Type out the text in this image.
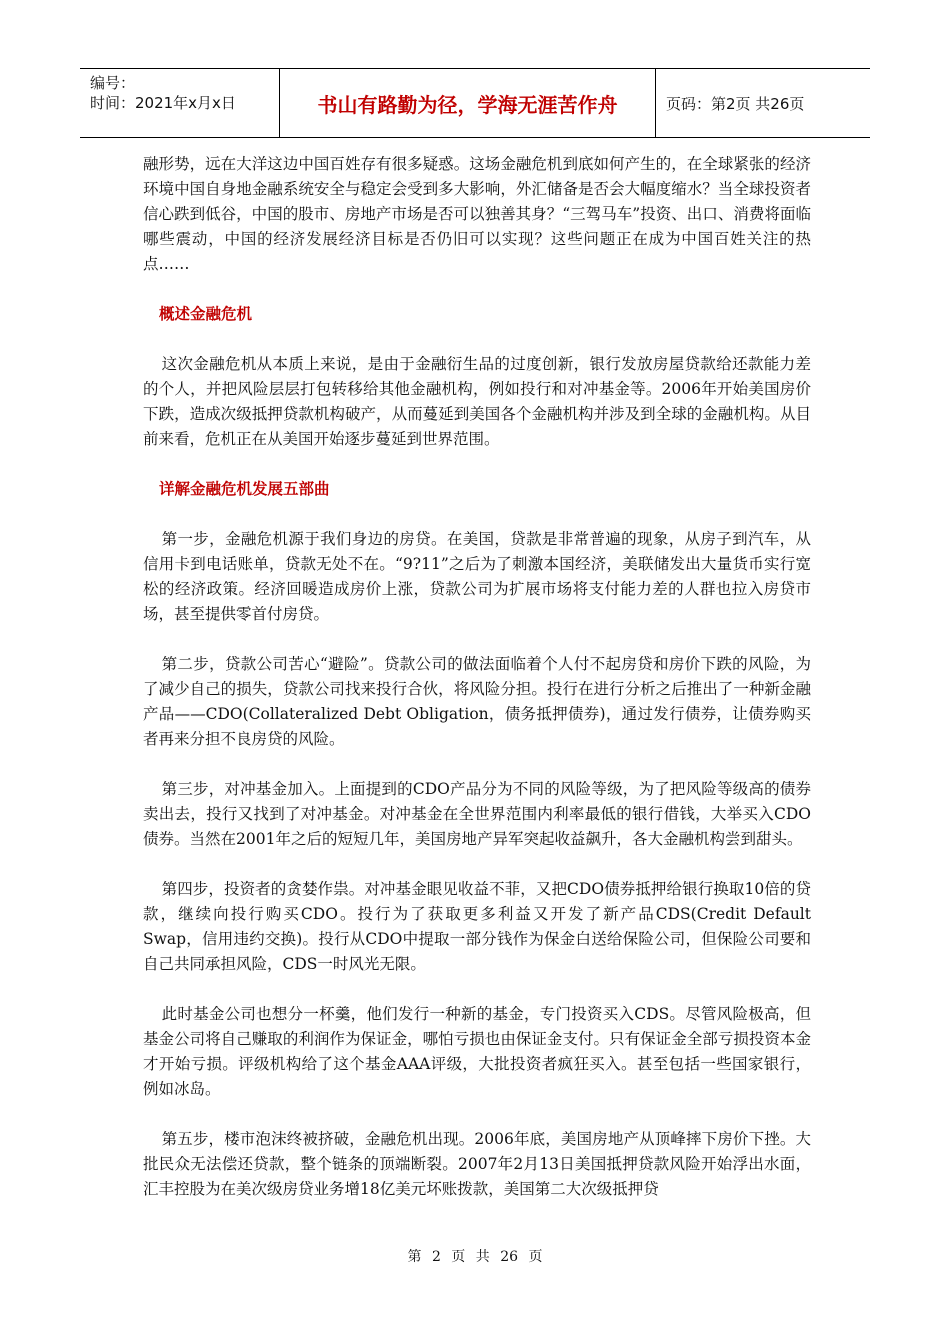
编号：
时间：2021年x月x日	书山有路勤为径，学海无涯苦作舟	页码：第2页 共26页

融形势，远在大洋这边中国百姓存有很多疑惑。这场金融危机到底如何产生的，在全球紧张的经济环境中国自身地金融系统安全与稳定会受到多大影响，外汇储备是否会大幅度缩水？当全球投资者信心跌到低谷，中国的股市、房地产市场是否可以独善其身？“三驾马车”投资、出口、消费将面临哪些震动，中国的经济发展经济目标是否仍旧可以实现？这些问题正在成为中国百姓关注的热点……

概述金融危机

这次金融危机从本质上来说，是由于金融衍生品的过度创新，银行发放房屋贷款给还款能力差的个人，并把风险层层打包转移给其他金融机构，例如投行和对冲基金等。2006年开始美国房价下跌，造成次级抵押贷款机构破产，从而蔓延到美国各个金融机构并涉及到全球的金融机构。从目前来看，危机正在从美国开始逐步蔓延到世界范围。

详解金融危机发展五部曲

第一步，金融危机源于我们身边的房贷。在美国，贷款是非常普遍的现象，从房子到汽车，从信用卡到电话账单，贷款无处不在。“9?11”之后为了刺激本国经济，美联储发出大量货币实行宽松的经济政策。经济回暖造成房价上涨，贷款公司为扩展市场将支付能力差的人群也拉入房贷市场，甚至提供零首付房贷。

第二步，贷款公司苦心“避险”。贷款公司的做法面临着个人付不起房贷和房价下跌的风险，为了减少自己的损失，贷款公司找来投行合伙，将风险分担。投行在进行分析之后推出了一种新金融产品——CDO(Collateralized Debt Obligation，债务抵押债券)，通过发行债券，让债券购买者再来分担不良房贷的风险。

第三步，对冲基金加入。上面提到的CDO产品分为不同的风险等级，为了把风险等级高的债券卖出去，投行又找到了对冲基金。对冲基金在全世界范围内利率最低的银行借钱，大举买入CDO债券。当然在2001年之后的短短几年，美国房地产异军突起收益飙升，各大金融机构尝到甜头。

第四步，投资者的贪婪作祟。对冲基金眼见收益不菲，又把CDO债券抵押给银行换取10倍的贷款，继续向投行购买CDO。投行为了获取更多利益又开发了新产品CDS(Credit Default Swap，信用违约交换)。投行从CDO中提取一部分钱作为保金白送给保险公司，但保险公司要和自己共同承担风险，CDS一时风光无限。

此时基金公司也想分一杯羹，他们发行一种新的基金，专门投资买入CDS。尽管风险极高，但基金公司将自己赚取的利润作为保证金，哪怕亏损也由保证金支付。只有保证金全部亏损投资本金才开始亏损。评级机构给了这个基金AAA评级，大批投资者疯狂买入。甚至包括一些国家银行，例如冰岛。

第五步，楼市泡沫终被挤破，金融危机出现。2006年底，美国房地产从顶峰摔下房价下挫。大批民众无法偿还贷款，整个链条的顶端断裂。2007年2月13日美国抵押贷款风险开始浮出水面，汇丰控股为在美次级房贷业务增18亿美元坏账拨款，美国第二大次级抵押贷

第 2 页 共 26 页
